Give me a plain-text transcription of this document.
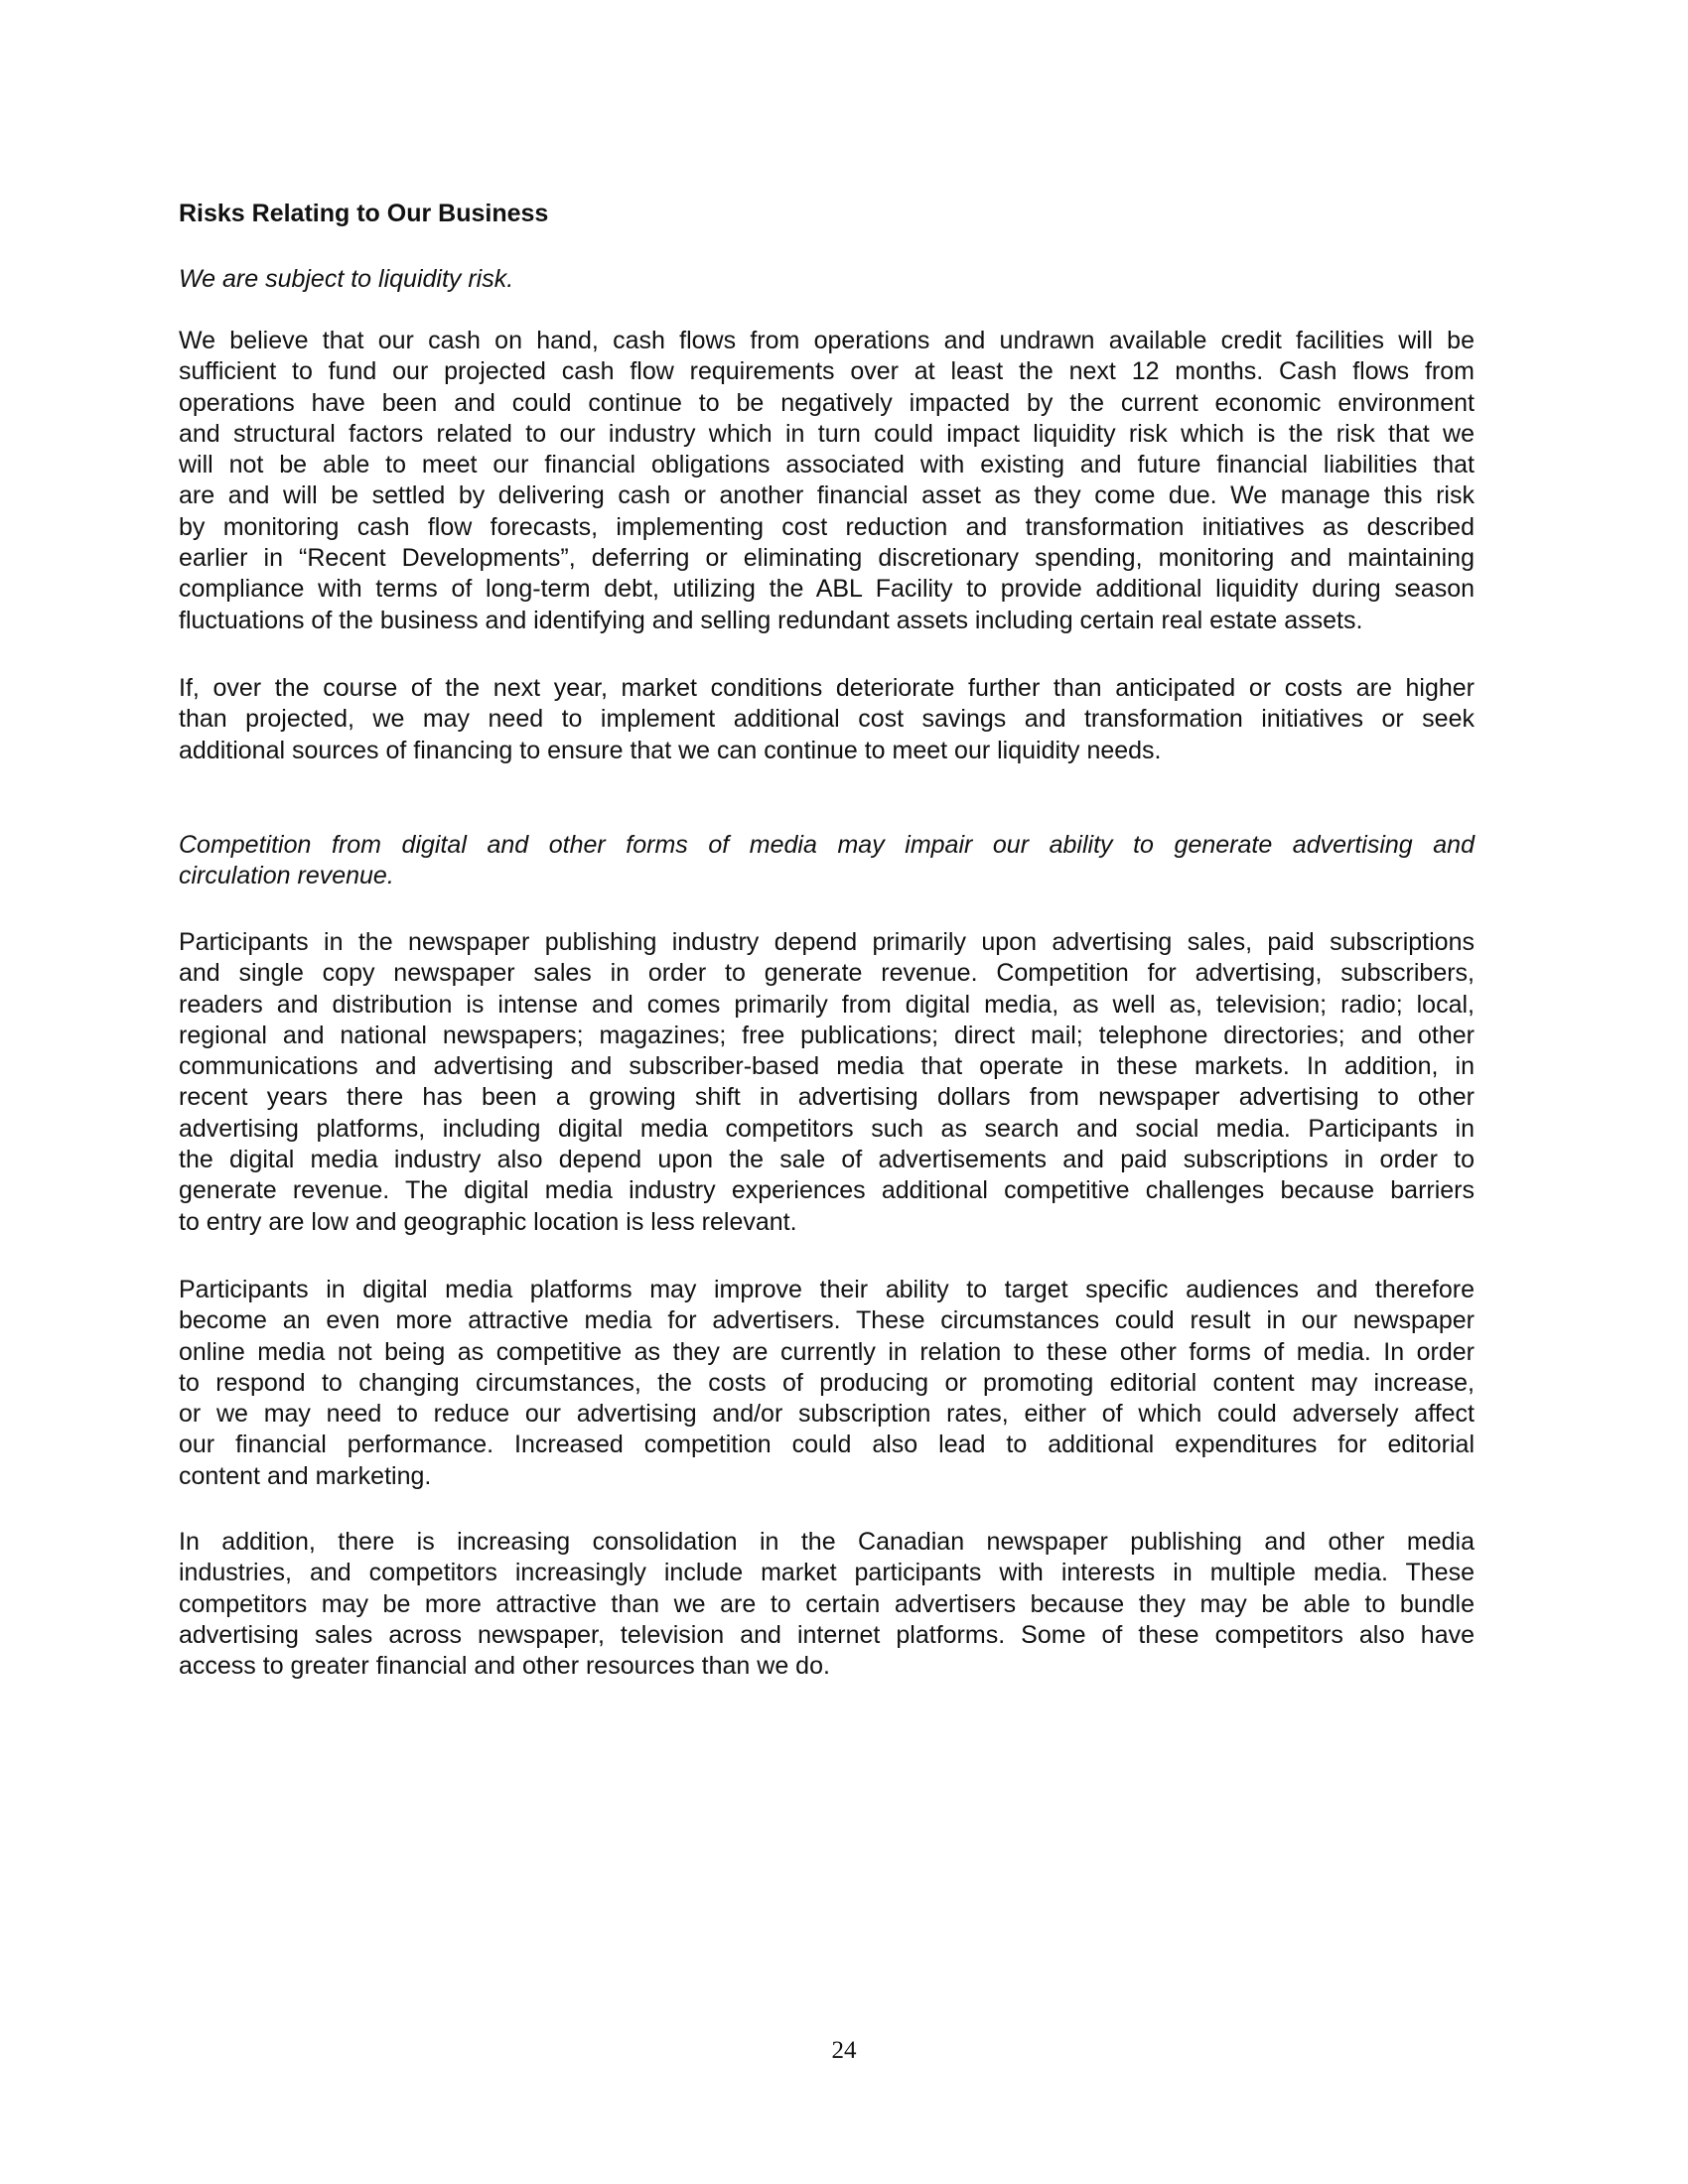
Risks Relating to Our Business
We are subject to liquidity risk.
We believe that our cash on hand, cash flows from operations and undrawn available credit facilities will be
sufficient to fund our projected cash flow requirements over at least the next 12 months. Cash flows from
operations have been and could continue to be negatively impacted by the current economic environment
and structural factors related to our industry which in turn could impact liquidity risk which is the risk that we
will not be able to meet our financial obligations associated with existing and future financial liabilities that
are and will be settled by delivering cash or another financial asset as they come due. We manage this risk
by monitoring cash flow forecasts, implementing cost reduction and transformation initiatives as described
earlier in “Recent Developments”, deferring or eliminating discretionary spending, monitoring and maintaining
compliance with terms of long-term debt, utilizing the ABL Facility to provide additional liquidity during season
fluctuations of the business and identifying and selling redundant assets including certain real estate assets.
If, over the course of the next year, market conditions deteriorate further than anticipated or costs are higher
than projected, we may need to implement additional cost savings and transformation initiatives or seek
additional sources of financing to ensure that we can continue to meet our liquidity needs.
Competition from digital and other forms of media may impair our ability to generate advertising and
circulation revenue.
Participants in the newspaper publishing industry depend primarily upon advertising sales, paid subscriptions
and single copy newspaper sales in order to generate revenue. Competition for advertising, subscribers,
readers and distribution is intense and comes primarily from digital media, as well as, television; radio; local,
regional and national newspapers; magazines; free publications; direct mail; telephone directories; and other
communications and advertising and subscriber-based media that operate in these markets. In addition, in
recent years there has been a growing shift in advertising dollars from newspaper advertising to other
advertising platforms, including digital media competitors such as search and social media. Participants in
the digital media industry also depend upon the sale of advertisements and paid subscriptions in order to
generate revenue. The digital media industry experiences additional competitive challenges because barriers
to entry are low and geographic location is less relevant.
Participants in digital media platforms may improve their ability to target specific audiences and therefore
become an even more attractive media for advertisers. These circumstances could result in our newspaper
online media not being as competitive as they are currently in relation to these other forms of media. In order
to respond to changing circumstances, the costs of producing or promoting editorial content may increase,
or we may need to reduce our advertising and/or subscription rates, either of which could adversely affect
our financial performance. Increased competition could also lead to additional expenditures for editorial
content and marketing.
In addition, there is increasing consolidation in the Canadian newspaper publishing and other media
industries, and competitors increasingly include market participants with interests in multiple media. These
competitors may be more attractive than we are to certain advertisers because they may be able to bundle
advertising sales across newspaper, television and internet platforms. Some of these competitors also have
access to greater financial and other resources than we do.
24
